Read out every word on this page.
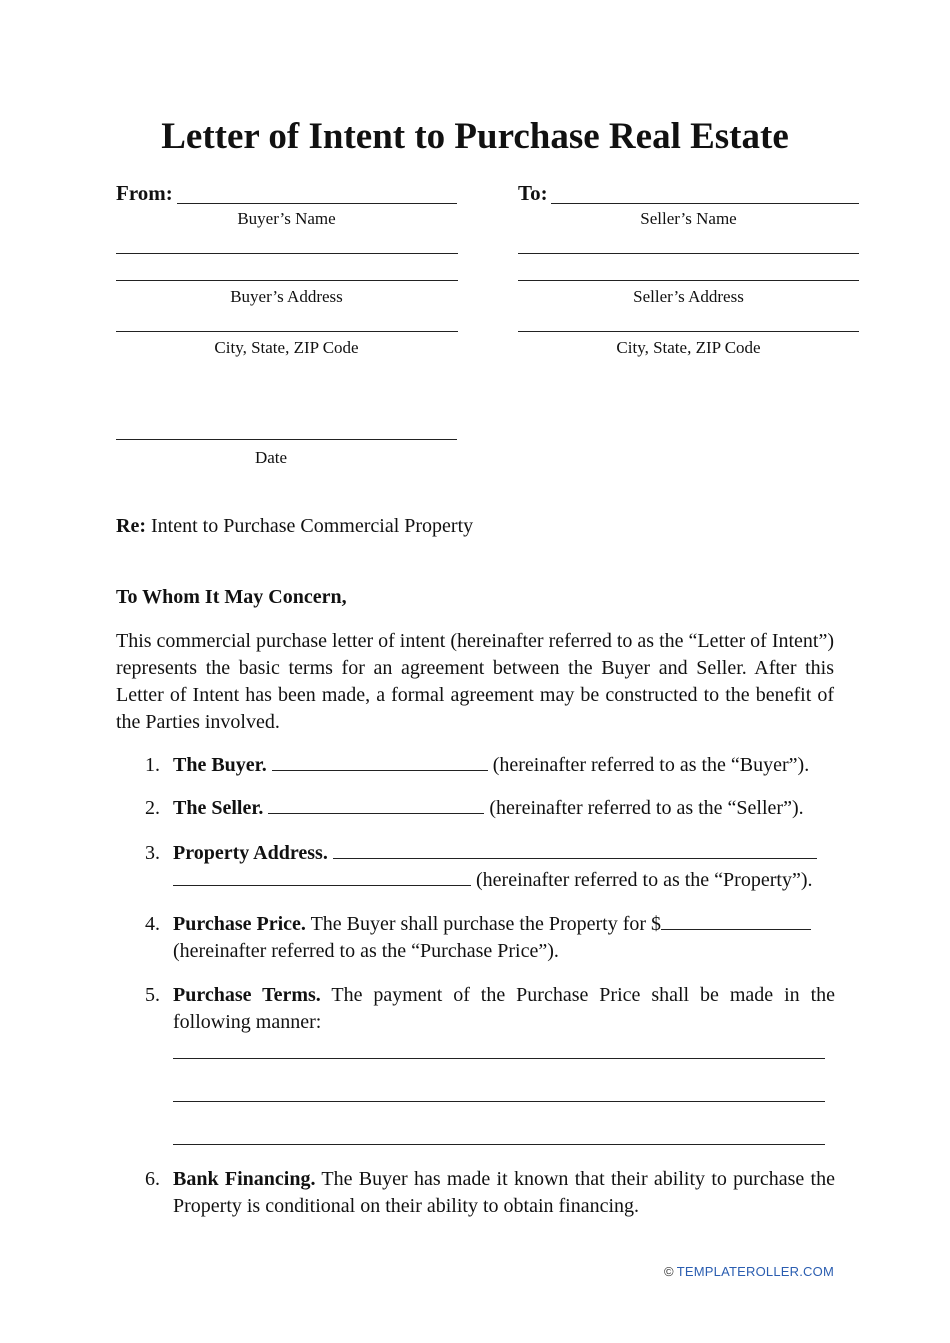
Letter of Intent to Purchase Real Estate
From:
Buyer’s Name
Buyer’s Address
City, State, ZIP Code
To:
Seller’s Name
Seller’s Address
City, State, ZIP Code
Date
Re: Intent to Purchase Commercial Property
To Whom It May Concern,
This commercial purchase letter of intent (hereinafter referred to as the “Letter of Intent”) represents the basic terms for an agreement between the Buyer and Seller. After this Letter of Intent has been made, a formal agreement may be constructed to the benefit of the Parties involved.
1. The Buyer.	(hereinafter referred to as the “Buyer”).
2. The Seller.	(hereinafter referred to as the “Seller”).
3. Property Address.
(hereinafter referred to as the “Property”).
4. Purchase Price. The Buyer shall purchase the Property for $
(hereinafter referred to as the “Purchase Price”).
5. Purchase Terms. The payment of the Purchase Price shall be made in the following manner:
6. Bank Financing. The Buyer has made it known that their ability to purchase the Property is conditional on their ability to obtain financing.
© TEMPLATEROLLER.COM
